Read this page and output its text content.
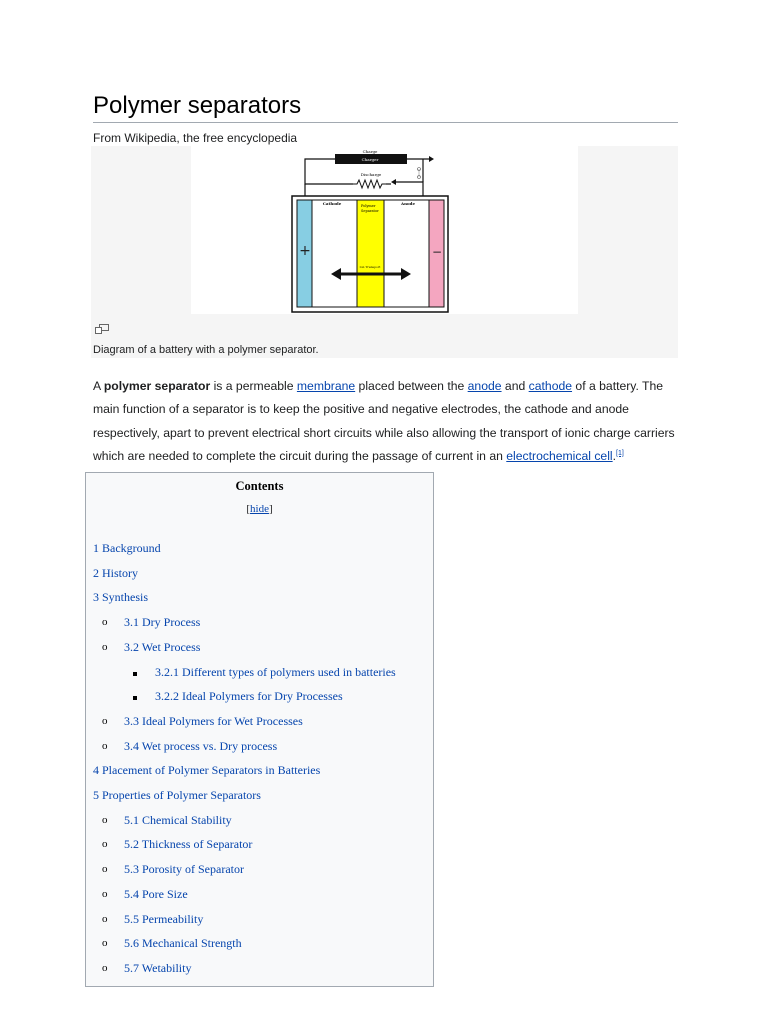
Polymer separators
From Wikipedia, the free encyclopedia
Charge
Charger
Discharge
Cathode	Polymer
Separator
Anode
+	−
Ion Transport
Diagram of a battery with a polymer separator.
A polymer separator is a permeable membrane placed between the anode and cathode of a battery. The main function of a separator is to keep the positive and negative electrodes, the cathode and anode respectively, apart to prevent electrical short circuits while also allowing the transport of ionic charge carriers which are needed to complete the circuit during the passage of current in an electrochemical cell.[1]
Contents
[hide]
1 Background
2 History
3 Synthesis
o 3.1 Dry Process
o 3.2 Wet Process
3.2.1 Different types of polymers used in batteries
3.2.2 Ideal Polymers for Dry Processes
o 3.3 Ideal Polymers for Wet Processes
o 3.4 Wet process vs. Dry process
4 Placement of Polymer Separators in Batteries
5 Properties of Polymer Separators
o 5.1 Chemical Stability
o 5.2 Thickness of Separator
o 5.3 Porosity of Separator
o 5.4 Pore Size
o 5.5 Permeability
o 5.6 Mechanical Strength
o 5.7 Wetability
